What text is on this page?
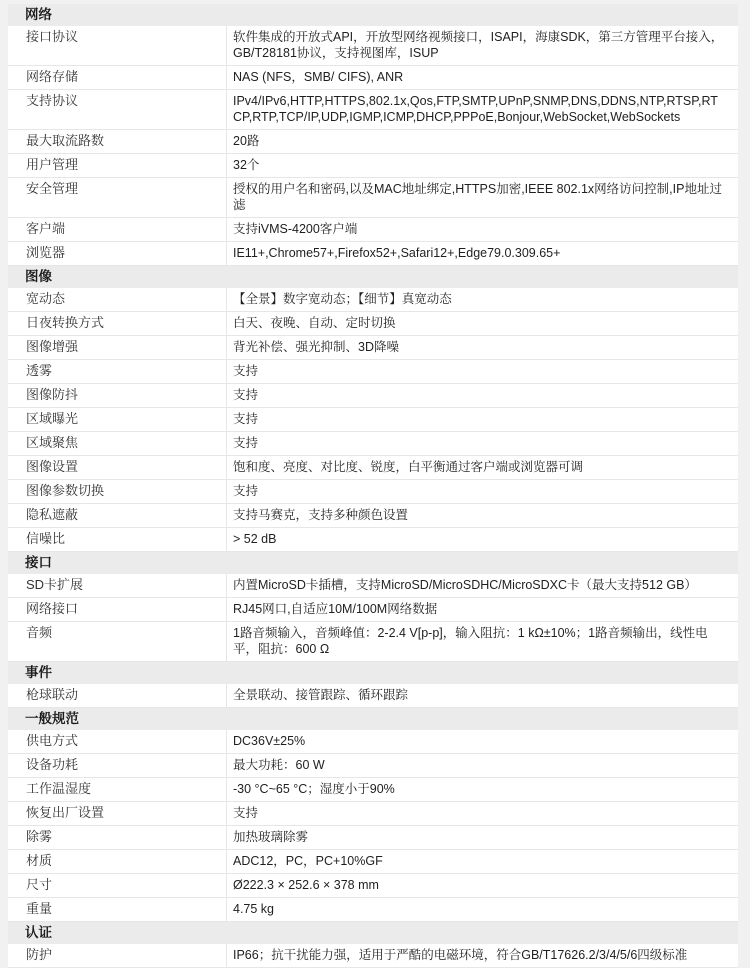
网络
接口协议	软件集成的开放式API，开放型网络视频接口，ISAPI，海康SDK，第三方管理平台接入，GB/T28181协议，支持视图库，ISUP
网络存储	NAS (NFS，SMB/ CIFS), ANR
支持协议	IPv4/IPv6,HTTP,HTTPS,802.1x,Qos,FTP,SMTP,UPnP,SNMP,DNS,DDNS,NTP,RTSP,RTCP,RTP,TCP/IP,UDP,IGMP,ICMP,DHCP,PPPoE,Bonjour,WebSocket,WebSockets
最大取流路数	20路
用户管理	32个
安全管理	授权的用户名和密码,以及MAC地址绑定,HTTPS加密,IEEE 802.1x网络访问控制,IP地址过滤
客户端	支持iVMS-4200客户端
浏览器	IE11+,Chrome57+,Firefox52+,Safari12+,Edge79.0.309.65+
图像
宽动态	【全景】数字宽动态；【细节】真宽动态
日夜转换方式	白天、夜晚、自动、定时切换
图像增强	背光补偿、强光抑制、3D降噪
透雾	支持
图像防抖	支持
区域曝光	支持
区域聚焦	支持
图像设置	饱和度、亮度、对比度、锐度，白平衡通过客户端或浏览器可调
图像参数切换	支持
隐私遮蔽	支持马赛克，支持多种颜色设置
信噪比	> 52 dB
接口
SD卡扩展	内置MicroSD卡插槽，支持MicroSD/MicroSDHC/MicroSDXC卡（最大支持512 GB）
网络接口	RJ45网口,自适应10M/100M网络数据
音频	1路音频输入，音频峰值：2-2.4 V[p-p]，输入阻抗：1 kΩ±10%；1路音频输出，线性电平，阻抗：600 Ω
事件
枪球联动	全景联动、接管跟踪、循环跟踪
一般规范
供电方式	DC36V±25%
设备功耗	最大功耗：60 W
工作温湿度	-30 °C~65 °C；湿度小于90%
恢复出厂设置	支持
除雾	加热玻璃除雾
材质	ADC12，PC，PC+10%GF
尺寸	Ø222.3 × 252.6 × 378 mm
重量	4.75 kg
认证
防护	IP66；抗干扰能力强，适用于严酷的电磁环境，符合GB/T17626.2/3/4/5/6四级标准
